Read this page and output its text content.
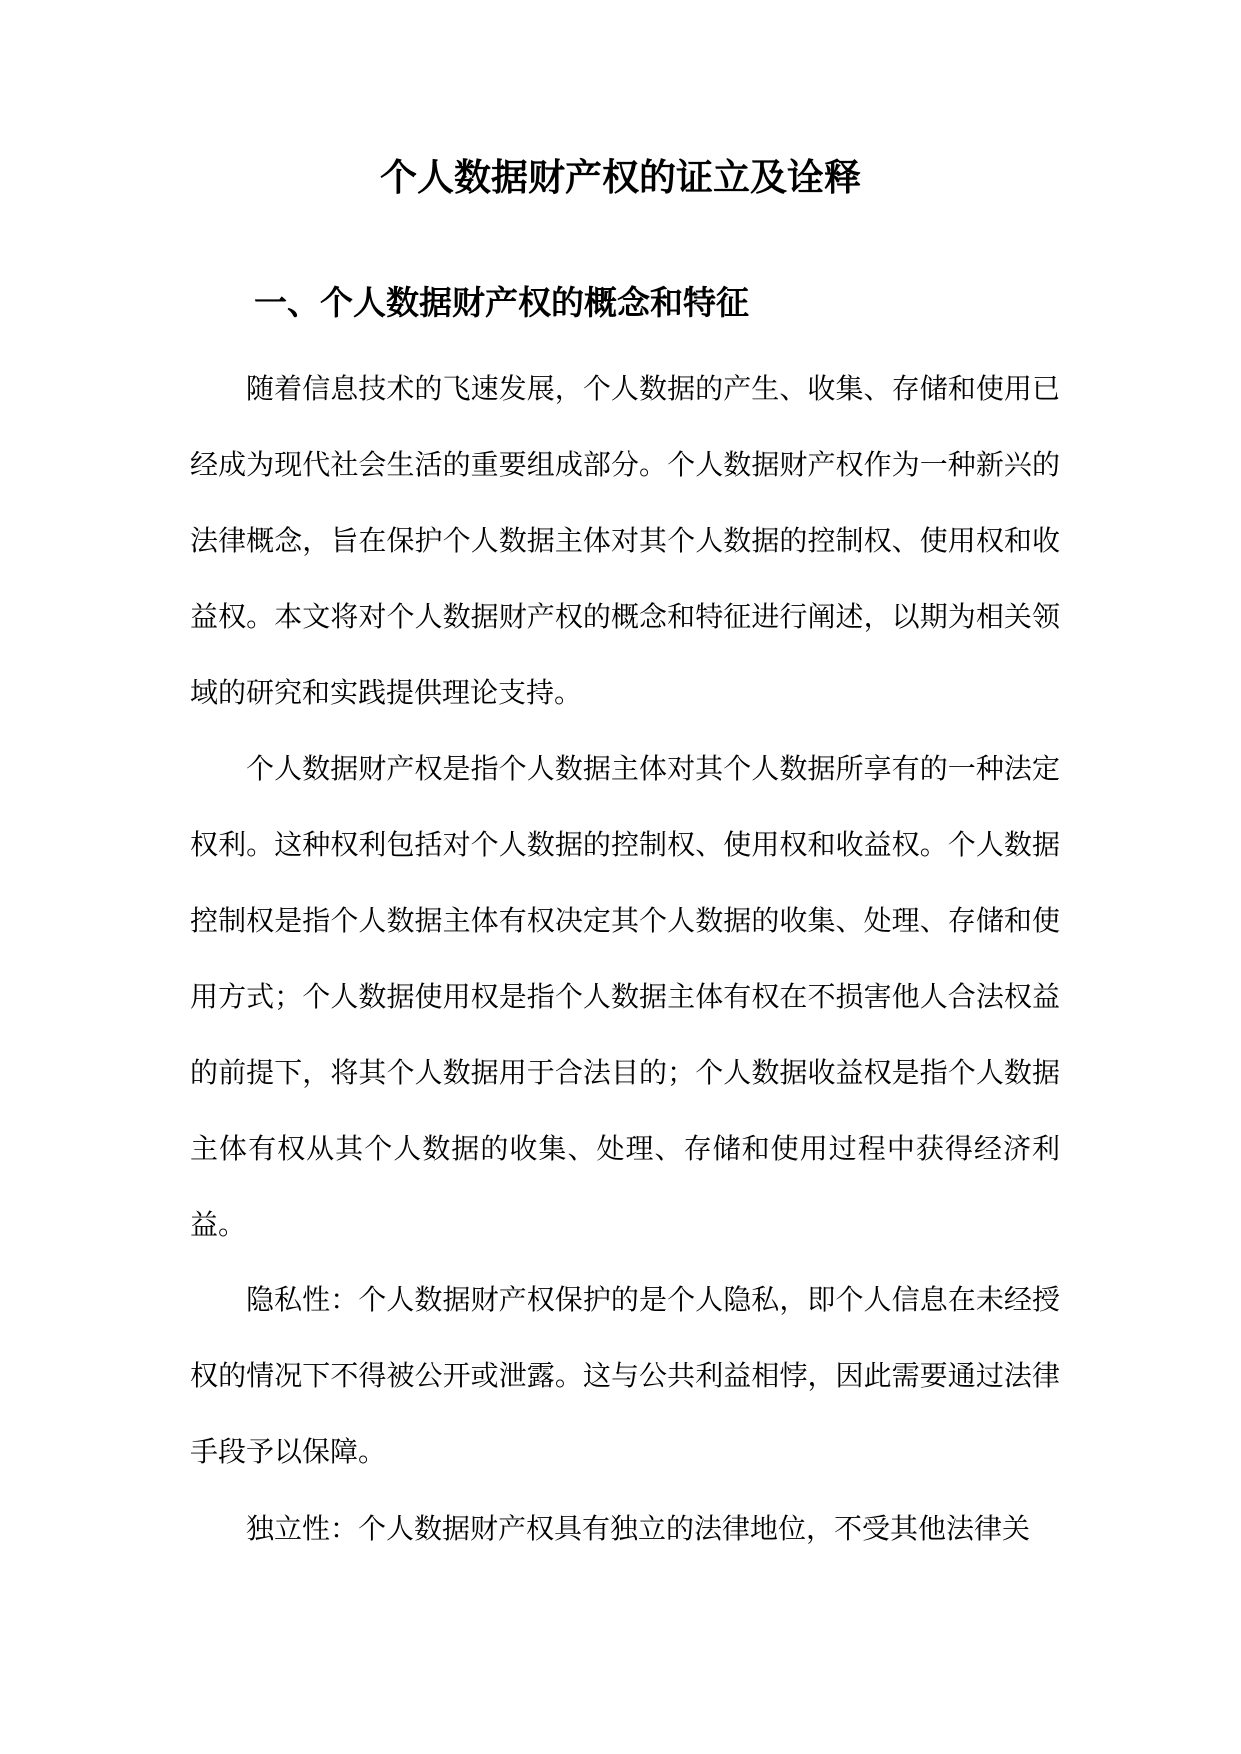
个人数据财产权的证立及诠释
一、个人数据财产权的概念和特征

随着信息技术的飞速发展，个人数据的产生、收集、存储和使用已经成为现代社会生活的重要组成部分。个人数据财产权作为一种新兴的法律概念，旨在保护个人数据主体对其个人数据的控制权、使用权和收益权。本文将对个人数据财产权的概念和特征进行阐述，以期为相关领域的研究和实践提供理论支持。

个人数据财产权是指个人数据主体对其个人数据所享有的一种法定权利。这种权利包括对个人数据的控制权、使用权和收益权。个人数据控制权是指个人数据主体有权决定其个人数据的收集、处理、存储和使用方式；个人数据使用权是指个人数据主体有权在不损害他人合法权益的前提下，将其个人数据用于合法目的；个人数据收益权是指个人数据主体有权从其个人数据的收集、处理、存储和使用过程中获得经济利益。

隐私性：个人数据财产权保护的是个人隐私，即个人信息在未经授权的情况下不得被公开或泄露。这与公共利益相悖，因此需要通过法律手段予以保障。

独立性：个人数据财产权具有独立的法律地位，不受其他法律关
